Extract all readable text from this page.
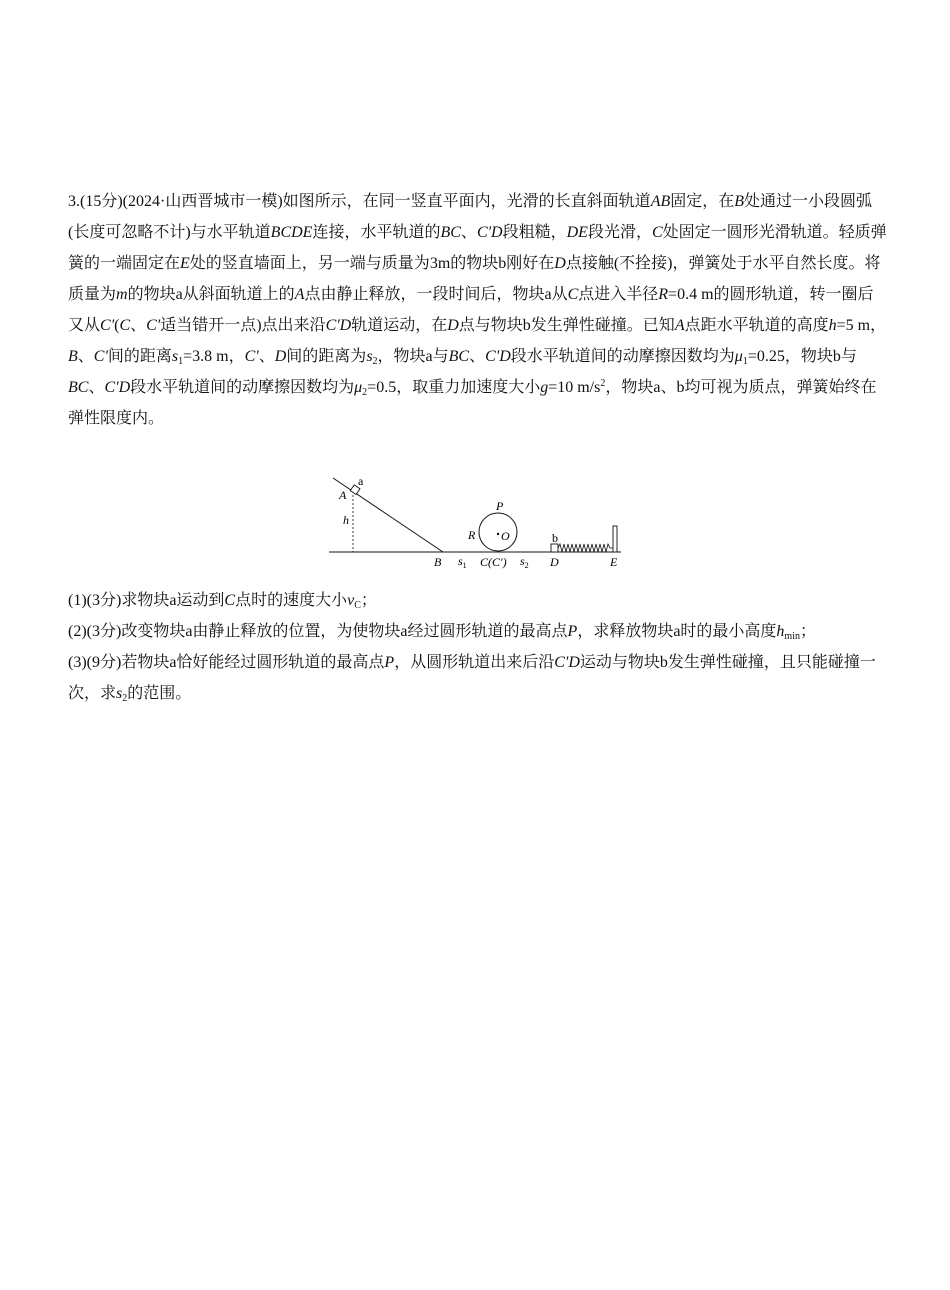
3.(15分)(2024·山西晋城市一模)如图所示，在同一竖直平面内，光滑的长直斜面轨道AB固定，在B处通过一小段圆弧(长度可忽略不计)与水平轨道BCDE连接，水平轨道的BC、C'D段粗糙，DE段光滑，C处固定一圆形光滑轨道。轻质弹簧的一端固定在E处的竖直墙面上，另一端与质量为3m的物块b刚好在D点接触(不拴接)，弹簧处于水平自然长度。将质量为m的物块a从斜面轨道上的A点由静止释放，一段时间后，物块a从C点进入半径R=0.4 m的圆形轨道，转一圈后又从C'(C、C'适当错开一点)点出来沿C'D轨道运动，在D点与物块b发生弹性碰撞。已知A点距水平轨道的高度h=5 m，B、C'间的距离$s_1=3.8$ m，C'、D间的距离为$s_2$，物块a与BC、C'D段水平轨道间的动摩擦因数均为$\mu_1=0.25$，物块b与BC、C'D段水平轨道间的动摩擦因数均为$\mu_2=0.5$，取重力加速度大小g=10 $m/s^2$，物块a、b均可视为质点，弹簧始终在弹性限度内。

a
A
h
B $s_1$ C(C′) $s_2$
R
P
O	b
D	E

(1)(3分)求物块a运动到C点时的速度大小$v_C$；

(2)(3分)改变物块a由静止释放的位置，为使物块a经过圆形轨道的最高点P，求释放物块a时的最小高度$h_{min}$；

(3)(9分)若物块a恰好能经过圆形轨道的最高点P，从圆形轨道出来后沿C'D运动与物块b发生弹性碰撞，且只能碰撞一次，求$s_2$的范围。
